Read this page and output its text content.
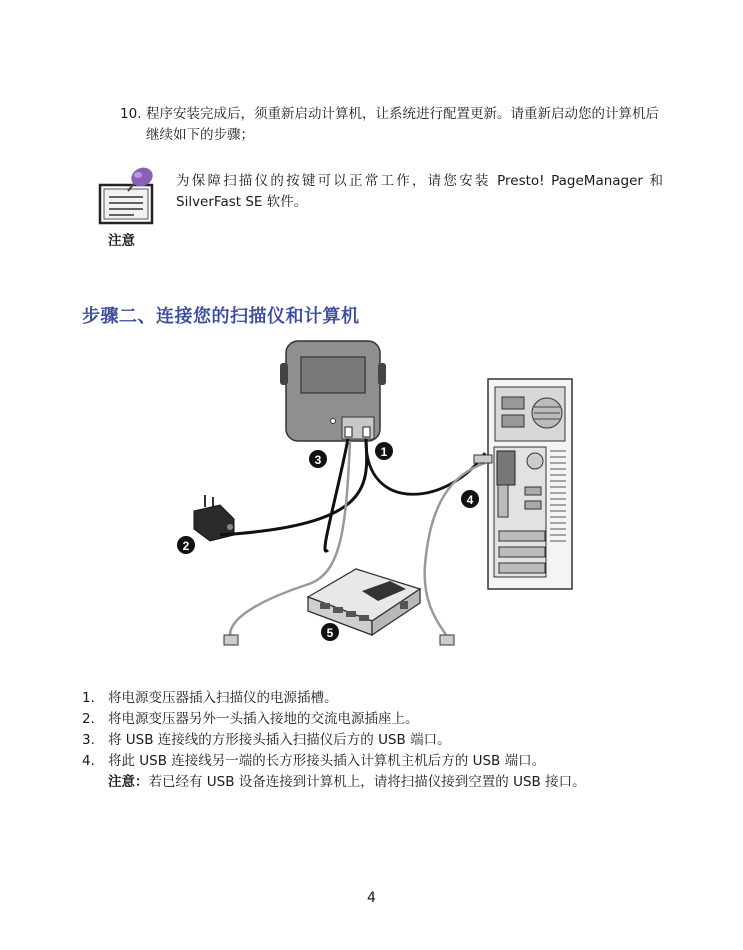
10. 程序安装完成后，须重新启动计算机，让系统进行配置更新。请重新启动您的计算机后继续如下的步骤；
注意
为保障扫描仪的按键可以正常工作，请您安装 Presto! PageManager 和 SilverFast SE 软件。
步骤二、连接您的扫描仪和计算机
1
2
3
4
5
1. 将电源变压器插入扫描仪的电源插槽。
2. 将电源变压器另外一头插入接地的交流电源插座上。
3. 将 USB 连接线的方形接头插入扫描仪后方的 USB 端口。
4. 将此 USB 连接线另一端的长方形接头插入计算机主机后方的 USB 端口。
注意：若已经有 USB 设备连接到计算机上，请将扫描仪接到空置的 USB 接口。
4
